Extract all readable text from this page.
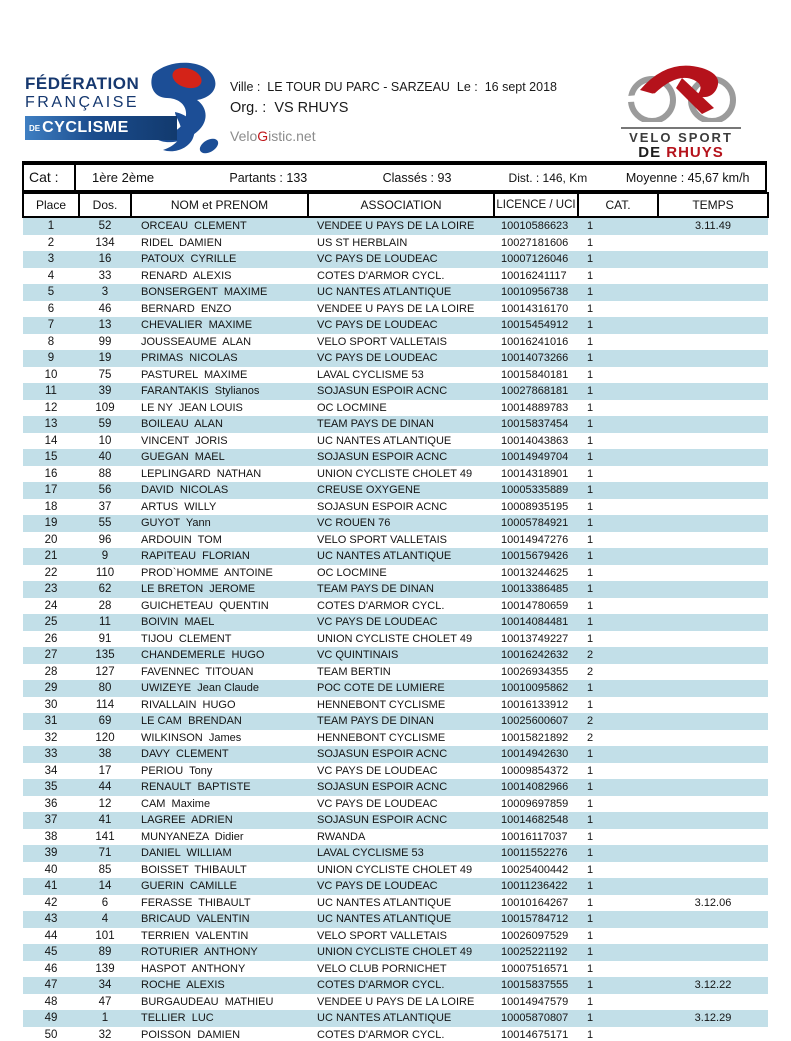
FÉDÉRATION
FRANÇAISE
DE CYCLISME
Ville :  LE TOUR DU PARC - SARZEAU  Le :  16 sept 2018
Org. :  VS RHUYS
VeloGistic.net	VELO SPORT
DE RHUYS
Cat :	1ère 2ème	Partants : 133	Classés : 93	Dist. : 146, Km	Moyenne : 45,67 km/h
Place	Dos.	NOM et PRENOM	ASSOCIATION	LICENCE / UCI	CAT.	TEMPS
1	52	ORCEAU  CLEMENT	VENDEE U PAYS DE LA LOIRE	10010586623	1	3.11.49
2	134	RIDEL  DAMIEN	US ST HERBLAIN	10027181606	1	
3	16	PATOUX  CYRILLE	VC PAYS DE LOUDEAC	10007126046	1	
4	33	RENARD  ALEXIS	COTES D'ARMOR CYCL.	10016241117	1	
5	3	BONSERGENT  MAXIME	UC NANTES ATLANTIQUE	10010956738	1	
6	46	BERNARD  ENZO	VENDEE U PAYS DE LA LOIRE	10014316170	1	
7	13	CHEVALIER  MAXIME	VC PAYS DE LOUDEAC	10015454912	1	
8	99	JOUSSEAUME  ALAN	VELO SPORT VALLETAIS	10016241016	1	
9	19	PRIMAS  NICOLAS	VC PAYS DE LOUDEAC	10014073266	1	
10	75	PASTUREL  MAXIME	LAVAL CYCLISME 53	10015840181	1	
11	39	FARANTAKIS  Stylianos	SOJASUN ESPOIR ACNC	10027868181	1	
12	109	LE NY  JEAN LOUIS	OC LOCMINE	10014889783	1	
13	59	BOILEAU  ALAN	TEAM PAYS DE DINAN	10015837454	1	
14	10	VINCENT  JORIS	UC NANTES ATLANTIQUE	10014043863	1	
15	40	GUEGAN  MAEL	SOJASUN ESPOIR ACNC	10014949704	1	
16	88	LEPLINGARD  NATHAN	UNION CYCLISTE CHOLET 49	10014318901	1	
17	56	DAVID  NICOLAS	CREUSE OXYGENE	10005335889	1	
18	37	ARTUS  WILLY	SOJASUN ESPOIR ACNC	10008935195	1	
19	55	GUYOT  Yann	VC ROUEN 76	10005784921	1	
20	96	ARDOUIN  TOM	VELO SPORT VALLETAIS	10014947276	1	
21	9	RAPITEAU  FLORIAN	UC NANTES ATLANTIQUE	10015679426	1	
22	110	PROD`HOMME  ANTOINE	OC LOCMINE	10013244625	1	
23	62	LE BRETON  JEROME	TEAM PAYS DE DINAN	10013386485	1	
24	28	GUICHETEAU  QUENTIN	COTES D'ARMOR CYCL.	10014780659	1	
25	11	BOIVIN  MAEL	VC PAYS DE LOUDEAC	10014084481	1	
26	91	TIJOU  CLEMENT	UNION CYCLISTE CHOLET 49	10013749227	1	
27	135	CHANDEMERLE  HUGO	VC QUINTINAIS	10016242632	2	
28	127	FAVENNEC  TITOUAN	TEAM BERTIN	10026934355	2	
29	80	UWIZEYE  Jean Claude	POC COTE DE LUMIERE	10010095862	1	
30	114	RIVALLAIN  HUGO	HENNEBONT CYCLISME	10016133912	1	
31	69	LE CAM  BRENDAN	TEAM PAYS DE DINAN	10025600607	2	
32	120	WILKINSON  James	HENNEBONT CYCLISME	10015821892	2	
33	38	DAVY  CLEMENT	SOJASUN ESPOIR ACNC	10014942630	1	
34	17	PERIOU  Tony	VC PAYS DE LOUDEAC	10009854372	1	
35	44	RENAULT  BAPTISTE	SOJASUN ESPOIR ACNC	10014082966	1	
36	12	CAM  Maxime	VC PAYS DE LOUDEAC	10009697859	1	
37	41	LAGREE  ADRIEN	SOJASUN ESPOIR ACNC	10014682548	1	
38	141	MUNYANEZA  Didier	RWANDA	10016117037	1	
39	71	DANIEL  WILLIAM	LAVAL CYCLISME 53	10011552276	1	
40	85	BOISSET  THIBAULT	UNION CYCLISTE CHOLET 49	10025400442	1	
41	14	GUERIN  CAMILLE	VC PAYS DE LOUDEAC	10011236422	1	
42	6	FERASSE  THIBAULT	UC NANTES ATLANTIQUE	10010164267	1	3.12.06
43	4	BRICAUD  VALENTIN	UC NANTES ATLANTIQUE	10015784712	1	
44	101	TERRIEN  VALENTIN	VELO SPORT VALLETAIS	10026097529	1	
45	89	ROTURIER  ANTHONY	UNION CYCLISTE CHOLET 49	10025221192	1	
46	139	HASPOT  ANTHONY	VELO CLUB PORNICHET	10007516571	1	
47	34	ROCHE  ALEXIS	COTES D'ARMOR CYCL.	10015837555	1	3.12.22
48	47	BURGAUDEAU  MATHIEU	VENDEE U PAYS DE LA LOIRE	10014947579	1	
49	1	TELLIER  LUC	UC NANTES ATLANTIQUE	10005870807	1	3.12.29
50	32	POISSON  DAMIEN	COTES D'ARMOR CYCL.	10014675171	1	
